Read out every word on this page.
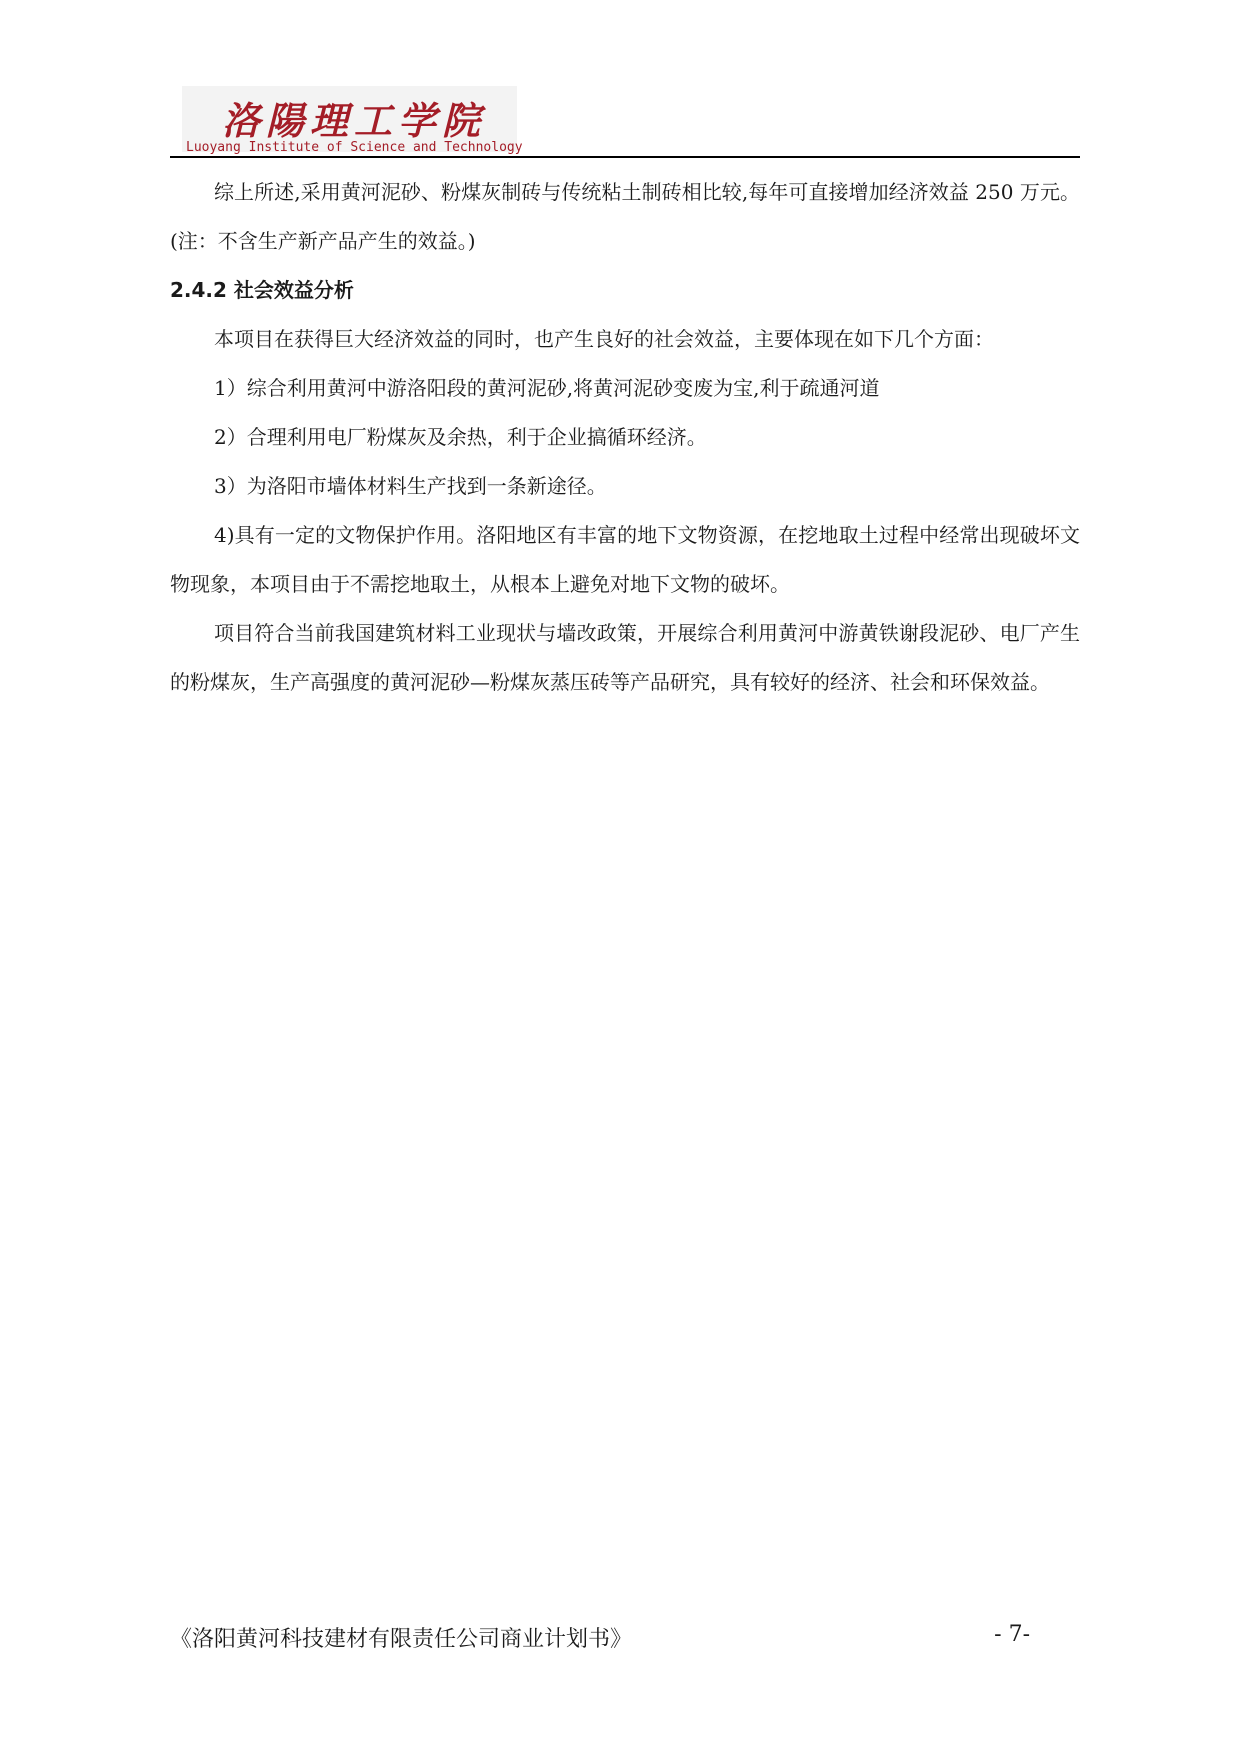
洛陽理工学院
Luoyang Institute of Science and Technology

综上所述,采用黄河泥砂、粉煤灰制砖与传统粘土制砖相比较,每年可直接增加经济效益 250 万元。(注：不含生产新产品产生的效益。)

2.4.2 社会效益分析

本项目在获得巨大经济效益的同时，也产生良好的社会效益，主要体现在如下几个方面：

1）综合利用黄河中游洛阳段的黄河泥砂,将黄河泥砂变废为宝,利于疏通河道

2）合理利用电厂粉煤灰及余热，利于企业搞循环经济。

3）为洛阳市墙体材料生产找到一条新途径。

4)具有一定的文物保护作用。洛阳地区有丰富的地下文物资源，在挖地取土过程中经常出现破坏文物现象，本项目由于不需挖地取土，从根本上避免对地下文物的破坏。

项目符合当前我国建筑材料工业现状与墙改政策，开展综合利用黄河中游黄铁谢段泥砂、电厂产生的粉煤灰，生产高强度的黄河泥砂—粉煤灰蒸压砖等产品研究，具有较好的经济、社会和环保效益。

《洛阳黄河科技建材有限责任公司商业计划书》	- 7-
